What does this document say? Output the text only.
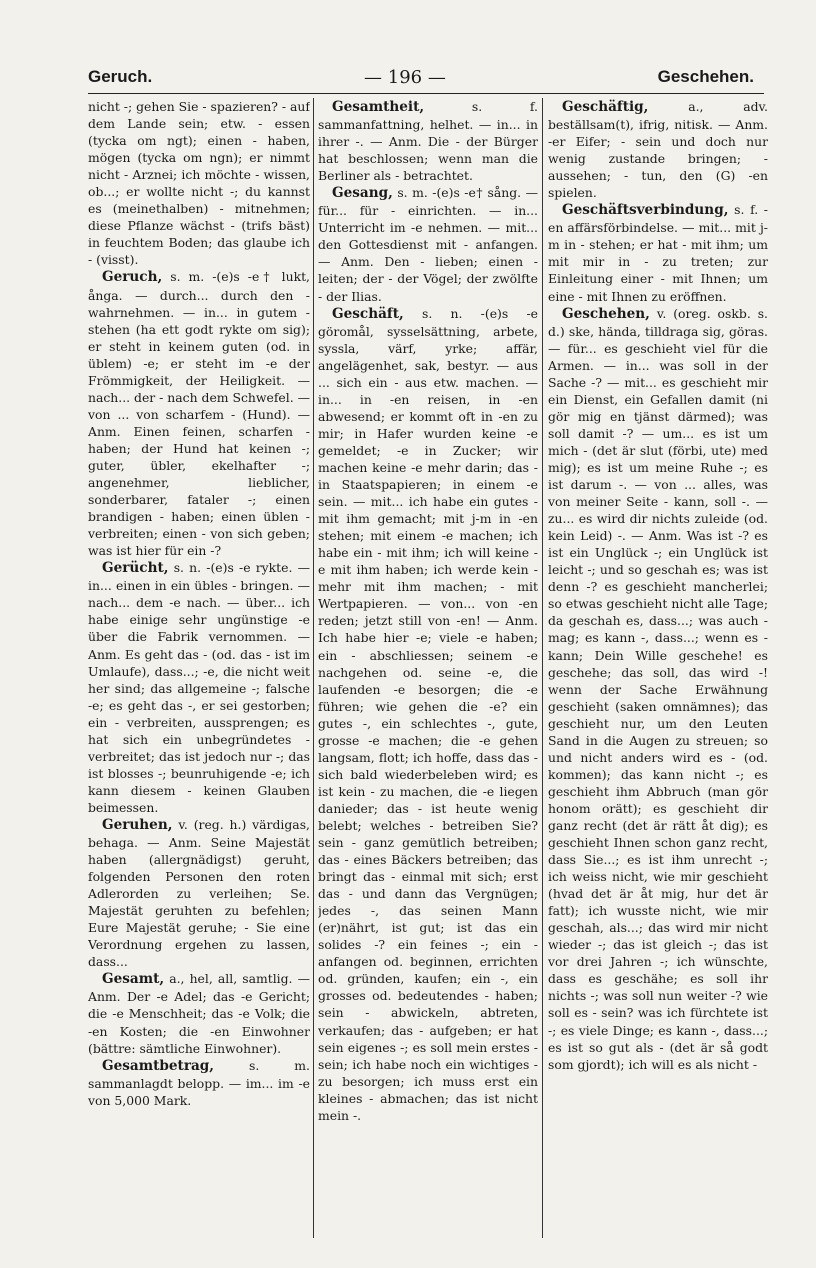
Geruch.	— 196 —	Geschehen.

nicht -; gehen Sie - spazieren? - auf dem Lande sein; etw. - essen (tycka om ngt); einen - haben, mögen (tycka om ngn); er nimmt nicht - Arznei; ich möchte - wissen, ob...; er wollte nicht -; du kannst es (meinethalben) - mitnehmen; diese Pflanze wächst - (trifs bäst) in feuchtem Boden; das glaube ich - (visst).

Geruch, s. m. -(e)s -e† lukt, ånga. — durch... durch den - wahrnehmen. — in... in gutem - stehen (ha ett godt rykte om sig); er steht in keinem guten (od. in üblem) -e; er steht im -e der Frömmigkeit, der Heiligkeit. — nach... der - nach dem Schwefel. — von ... von scharfem - (Hund). — Anm. Einen feinen, scharfen - haben; der Hund hat keinen -; guter, übler, ekelhafter -; angenehmer, lieblicher, sonderbarer, fataler -; einen brandigen - haben; einen üblen - verbreiten; einen - von sich geben; was ist hier für ein -?

Gerücht, s. n. -(e)s -e rykte. — in... einen in ein übles - bringen. — nach... dem -e nach. — über... ich habe einige sehr ungünstige -e über die Fabrik vernommen. — Anm. Es geht das - (od. das - ist im Umlaufe), dass...; -e, die nicht weit her sind; das allgemeine -; falsche -e; es geht das -, er sei gestorben; ein - verbreiten, aussprengen; es hat sich ein unbegründetes - verbreitet; das ist jedoch nur -; das ist blosses -; beunruhigende -e; ich kann diesem - keinen Glauben beimessen.

Geruhen, v. (reg. h.) värdigas, behaga. — Anm. Seine Majestät haben (allergnädigst) geruht, folgenden Personen den roten Adlerorden zu verleihen; Se. Majestät geruhten zu befehlen; Eure Majestät geruhe; - Sie eine Verordnung ergehen zu lassen, dass...

Gesamt, a., hel, all, samtlig. — Anm. Der -e Adel; das -e Gericht; die -e Menschheit; das -e Volk; die -en Kosten; die -en Einwohner (bättre: sämtliche Einwohner).

Gesamtbetrag,	s. m. sammanlagdt belopp. — im... im -e von 5,000 Mark.

Gesamtheit,	s. f. sammanfattning, helhet. — in... in ihrer -. — Anm. Die - der Bürger hat beschlossen; wenn man die Berliner als - betrachtet.

Gesang, s. m. -(e)s -e† sång. — für... für - einrichten. — in... Unterricht im -e nehmen. — mit... den Gottesdienst mit - anfangen. — Anm. Den - lieben; einen - leiten; der - der Vögel; der zwölfte - der Ilias.

Geschäft, s. n. -(e)s -e göromål, sysselsättning, arbete, syssla, värf, yrke; affär, angelägenhet, sak, bestyr. — aus ... sich ein - aus etw. machen. — in... in -en reisen, in -en abwesend; er kommt oft in -en zu mir; in Hafer wurden keine -e gemeldet; -e in Zucker; wir machen keine -e mehr darin; das - in Staatspapieren; in einem -e sein. — mit... ich habe ein gutes - mit ihm gemacht; mit j-m in -en stehen; mit einem -e machen; ich habe ein - mit ihm; ich will keine -e mit ihm haben; ich werde kein - mehr mit ihm machen; - mit Wertpapieren. — von... von -en reden; jetzt still von -en! — Anm. Ich habe hier -e; viele -e haben; ein - abschliessen; seinem -e nachgehen od. seine -e, die laufenden -e besorgen; die -e führen; wie gehen die -e? ein gutes -, ein schlechtes -, gute, grosse -e machen; die -e gehen langsam, flott; ich hoffe, dass das - sich bald wiederbeleben wird; es ist kein - zu machen, die -e liegen danieder; das - ist heute wenig belebt; welches - betreiben Sie? sein - ganz gemütlich betreiben; das - eines Bäckers betreiben; das bringt das - einmal mit sich; erst das - und dann das Vergnügen; jedes -, das seinen Mann (er)nährt, ist gut; ist das ein solides -? ein feines -; ein - anfangen od. beginnen, errichten od. gründen, kaufen; ein -, ein grosses od. bedeutendes - haben; sein - abwickeln, abtreten, verkaufen; das - aufgeben; er hat sein eigenes -; es soll mein erstes - sein; ich habe noch ein wichtiges - zu besorgen; ich muss erst ein kleines - abmachen; das ist nicht mein -.

Geschäftig,	a., adv. beställsam(t), ifrig, nitisk. — Anm. -er Eifer; - sein und doch nur wenig zustande bringen; - aussehen; - tun, den (G) -en spielen.

Geschäftsverbindung, s. f. -en affärsförbindelse. — mit... mit j-m in - stehen; er hat - mit ihm; um mit mir in - zu treten; zur Einleitung einer - mit Ihnen; um eine - mit Ihnen zu eröffnen.

Geschehen, v. (oreg. oskb. s. d.) ske, hända, tilldraga sig, göras. — für... es geschieht viel für die Armen. — in... was soll in der Sache -? — mit... es geschieht mir ein Dienst, ein Gefallen damit (ni gör mig en tjänst därmed); was soll damit -? — um... es ist um mich - (det är slut (förbi, ute) med mig); es ist um meine Ruhe -; es ist darum -. — von ... alles, was von meiner Seite - kann, soll -. — zu... es wird dir nichts zuleide (od. kein Leid) -. — Anm. Was ist -? es ist ein Unglück -; ein Unglück ist leicht -; und so geschah es; was ist denn -? es geschieht mancherlei; so etwas geschieht nicht alle Tage; da geschah es, dass...; was auch - mag; es kann -, dass...; wenn es - kann; Dein Wille geschehe! es geschehe; das soll, das wird -! wenn der Sache Erwähnung geschieht (saken omnämnes); das geschieht nur, um den Leuten Sand in die Augen zu streuen; so und nicht anders wird es - (od. kommen); das kann nicht -; es geschieht ihm Abbruch (man gör honom orätt); es geschieht dir ganz recht (det är rätt åt dig); es geschieht Ihnen schon ganz recht, dass Sie...; es ist ihm unrecht -; ich weiss nicht, wie mir geschieht (hvad det är åt mig, hur det är fatt); ich wusste nicht, wie mir geschah, als...; das wird mir nicht wieder -; das ist gleich -; das ist vor drei Jahren -; ich wünschte, dass es geschähe; es soll ihr nichts -; was soll nun weiter -? wie soll es - sein? was ich fürchtete ist -; es viele Dinge; es kann -, dass...; es ist so gut als - (det är så godt som gjordt); ich will es als nicht -
